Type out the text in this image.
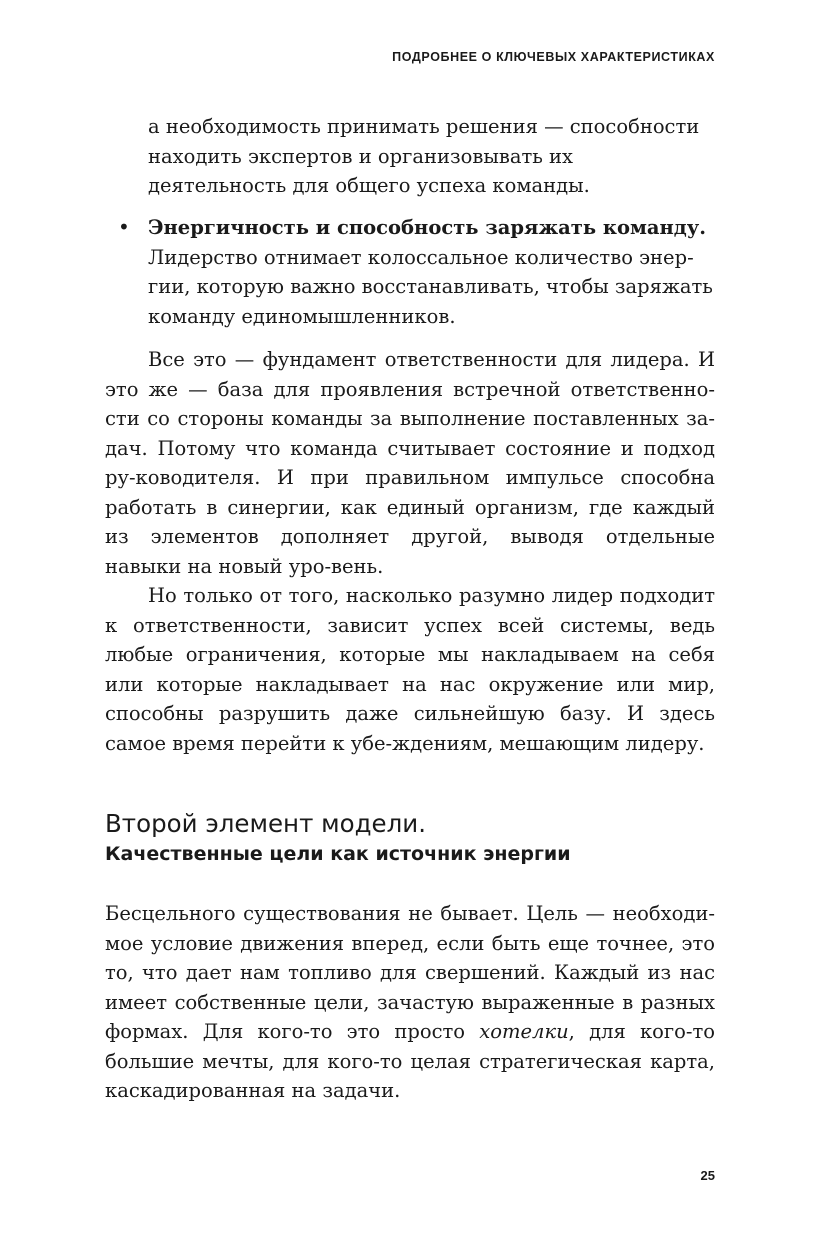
ПОДРОБНЕЕ О КЛЮЧЕВЫХ ХАРАКТЕРИСТИКАХ

а необходимость принимать решения — способности находить экспертов и организовывать их деятельность для общего успеха команды.

• Энергичность и способность заряжать команду.
Лидерство отнимает колоссальное количество энер-гии, которую важно восстанавливать, чтобы заряжать команду единомышленников.

Все это — фундамент ответственности для лидера. И это же — база для проявления встречной ответственно-сти со стороны команды за выполнение поставленных за-дач. Потому что команда считывает состояние и подход ру-ководителя. И при правильном импульсе способна работать в синергии, как единый организм, где каждый из элементов дополняет другой, выводя отдельные навыки на новый уро-вень.

Но только от того, насколько разумно лидер подходит к ответственности, зависит успех всей системы, ведь любые ограничения, которые мы накладываем на себя или которые накладывает на нас окружение или мир, способны разрушить даже сильнейшую базу. И здесь самое время перейти к убе-ждениям, мешающим лидеру.

Второй элемент модели.
Качественные цели как источник энергии

Бесцельного существования не бывает. Цель — необходи-мое условие движения вперед, если быть еще точнее, это то, что дает нам топливо для свершений. Каждый из нас имеет собственные цели, зачастую выраженные в разных формах. Для кого-то это просто хотелки, для кого-то большие мечты, для кого-то целая стратегическая карта, каскадированная на задачи.

25
